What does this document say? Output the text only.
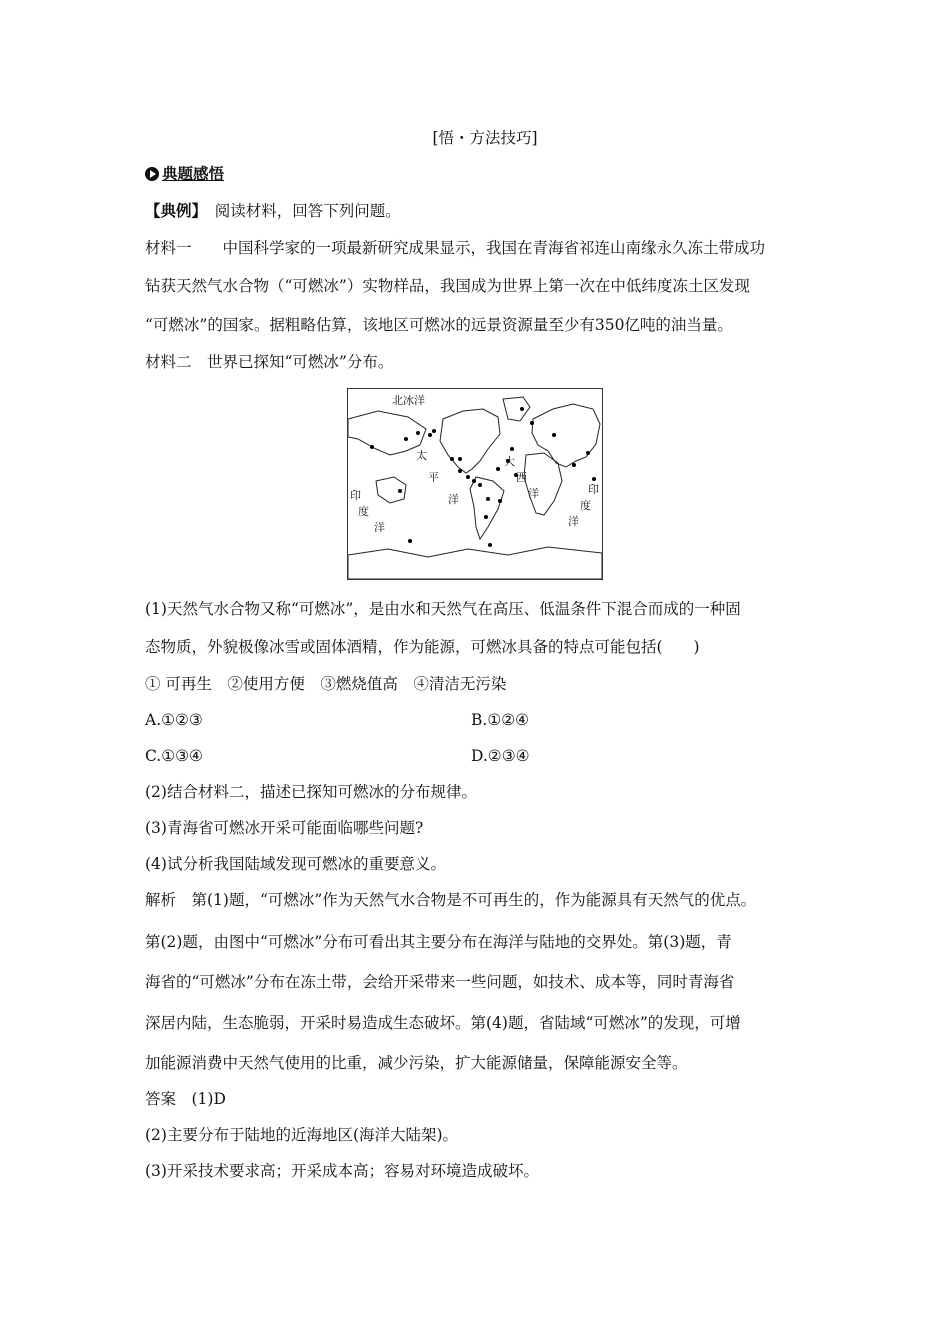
[悟・方法技巧]
典题感悟
【典例】　 阅读材料，回答下列问题。
材料一　　中国科学家的一项最新研究成果显示，我国在青海省祁连山南缘永久冻土带成功
钻获天然气水合物（“可燃冰”）实物样品，我国成为世界上第一次在中低纬度冻土区发现
“可燃冰”的国家。据粗略估算，该地区可燃冰的远景资源量至少有350亿吨的油当量。
材料二　世界已探知“可燃冰”分布。
北冰洋
太
平
洋
大
西
洋
印
度
洋
印
度
洋
(1)天然气水合物又称“可燃冰”，是由水和天然气在高压、低温条件下混合而成的一种固
态物质，外貌极像冰雪或固体酒精，作为能源，可燃冰具备的特点可能包括(　　)
① 可再生　②使用方便　③燃烧值高　④清洁无污染
A.①②③	B.①②④
C.①③④	D.②③④
(2)结合材料二，描述已探知可燃冰的分布规律。
(3)青海省可燃冰开采可能面临哪些问题?
(4)试分析我国陆域发现可燃冰的重要意义。
解析　第(1)题，“可燃冰”作为天然气水合物是不可再生的，作为能源具有天然气的优点。
第(2)题，由图中“可燃冰”分布可看出其主要分布在海洋与陆地的交界处。第(3)题，青
海省的“可燃冰”分布在冻土带，会给开采带来一些问题，如技术、成本等，同时青海省
深居内陆，生态脆弱，开采时易造成生态破坏。第(4)题，省陆域“可燃冰”的发现，可增
加能源消费中天然气使用的比重，减少污染，扩大能源储量，保障能源安全等。
答案　(1)D
(2)主要分布于陆地的近海地区(海洋大陆架)。
(3)开采技术要求高；开采成本高；容易对环境造成破坏。
